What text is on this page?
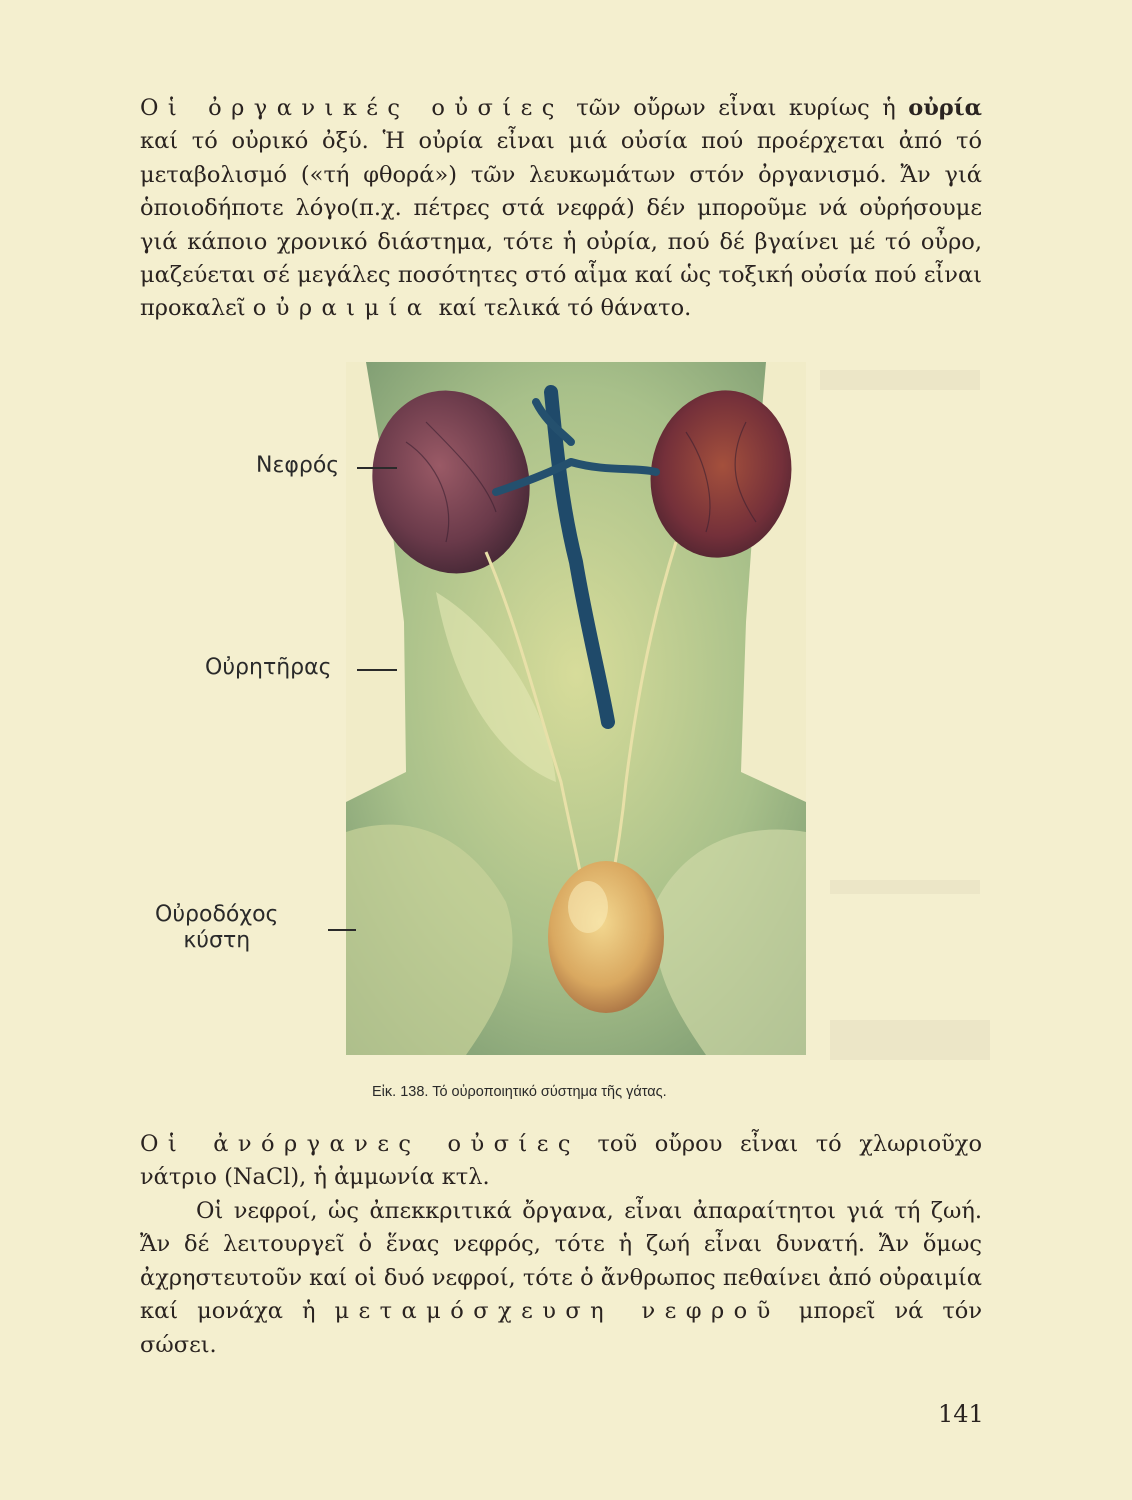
Οἱ ὀργανικές οὐσίες τῶν οὔρων εἶναι κυρίως ἡ οὐρία καί τό οὐρικό ὀξύ. Ἡ οὐρία εἶναι μιά οὐσία πού προέρχεται ἀπό τό μεταβολισμό («τή φθορά») τῶν λευκωμάτων στόν ὀργανισμό. Ἄν γιά ὁποιοδήποτε λόγο(π.χ. πέτρες στά νεφρά) δέν μποροῦμε νά οὐρήσουμε γιά κάποιο χρονικό διάστημα, τότε ἡ οὐρία, πού δέ βγαίνει μέ τό οὖρο, μαζεύεται σέ μεγάλες ποσότητες στό αἷμα καί ὡς τοξική οὐσία πού εἶναι προκαλεῖ οὐραιμία καί τελικά τό θάνατο.

Νεφρός
Οὐρητῆρας
Οὐροδόχος
κύστη
Εἰκ. 138. Τό οὐροποιητικό σύστημα τῆς γάτας.

Οἱ ἀνόργανες οὐσίες τοῦ οὔρου εἶναι τό χλωριοῦχο νάτριο (NaCl), ἡ ἀμμωνία κτλ.

Οἱ νεφροί, ὡς ἀπεκκριτικά ὄργανα, εἶναι ἀπαραίτητοι γιά τή ζωή. Ἄν δέ λειτουργεῖ ὁ ἕνας νεφρός, τότε ἡ ζωή εἶναι δυνατή. Ἄν ὅμως ἀχρηστευτοῦν καί οἱ δυό νεφροί, τότε ὁ ἄνθρωπος πεθαίνει ἀπό οὐραιμία καί μονάχα ἡ μεταμόσχευση νεφροῦ μπορεῖ νά τόν σώσει.

141
